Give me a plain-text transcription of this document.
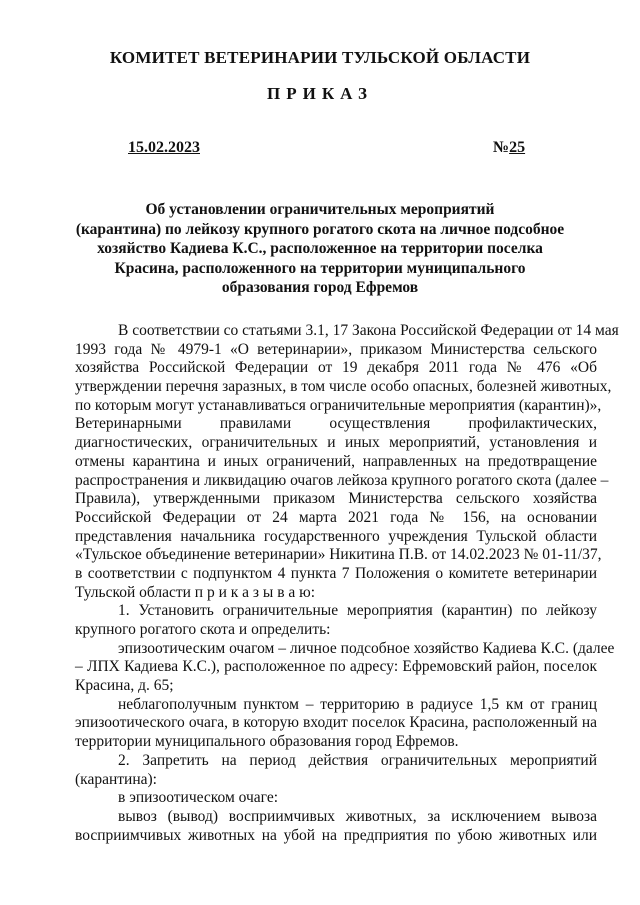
КОМИТЕТ ВЕТЕРИНАРИИ ТУЛЬСКОЙ ОБЛАСТИ
ПРИКАЗ
15.02.2023	№25
Об установлении ограничительных мероприятий
(карантина) по лейкозу крупного рогатого скота на личное подсобное
хозяйство Кадиева К.С., расположенное на территории поселка
Красина, расположенного на территории муниципального
образования город Ефремов
В соответствии со статьями 3.1, 17 Закона Российской Федерации от 14 мая
1993 года № 4979-1 «О ветеринарии», приказом Министерства сельского
хозяйства Российской Федерации от 19 декабря 2011 года № 476 «Об
утверждении перечня заразных, в том числе особо опасных, болезней животных,
по которым могут устанавливаться ограничительные мероприятия (карантин)»,
Ветеринарными правилами осуществления профилактических,
диагностических, ограничительных и иных мероприятий, установления и
отмены карантина и иных ограничений, направленных на предотвращение
распространения и ликвидацию очагов лейкоза крупного рогатого скота (далее –
Правила), утвержденными приказом Министерства сельского хозяйства
Российской Федерации от 24 марта 2021 года № 156, на основании
представления начальника государственного учреждения Тульской области
«Тульское объединение ветеринарии» Никитина П.В. от 14.02.2023 № 01-11/37,
в соответствии с подпунктом 4 пункта 7 Положения о комитете ветеринарии
Тульской области п р и к а з ы в а ю:
1. Установить ограничительные мероприятия (карантин) по лейкозу
крупного рогатого скота и определить:
эпизоотическим очагом – личное подсобное хозяйство Кадиева К.С. (далее
– ЛПХ Кадиева К.С.), расположенное по адресу: Ефремовский район, поселок
Красина, д. 65;
неблагополучным пунктом – территорию в радиусе 1,5 км от границ
эпизоотического очага, в которую входит поселок Красина, расположенный на
территории муниципального образования город Ефремов.
2. Запретить на период действия ограничительных мероприятий
(карантина):
в эпизоотическом очаге:
вывоз (вывод) восприимчивых животных, за исключением вывоза
восприимчивых животных на убой на предприятия по убою животных или
